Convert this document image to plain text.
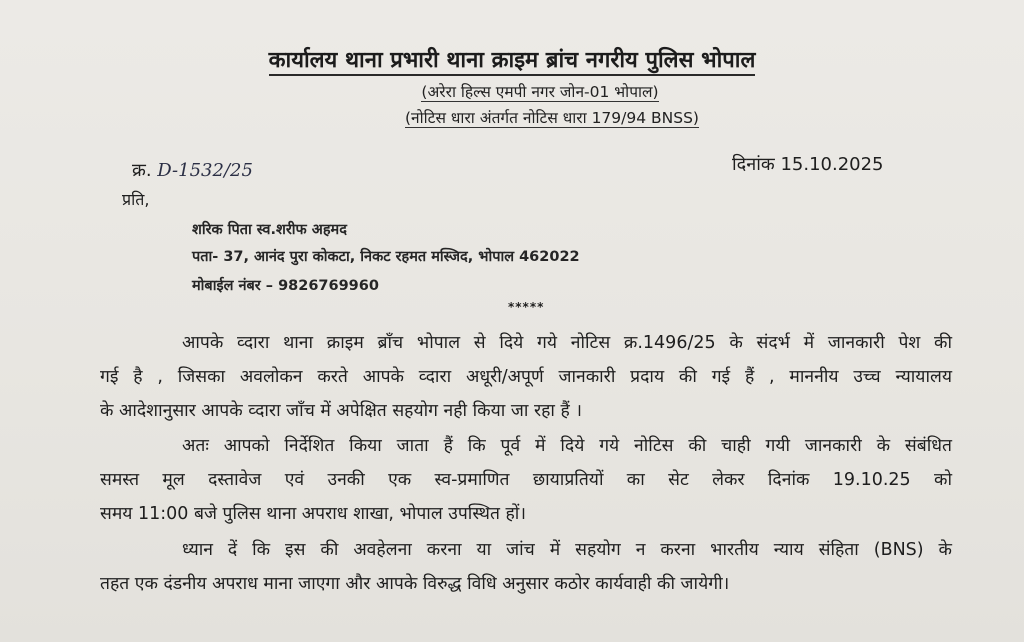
कार्यालय थाना प्रभारी थाना क्राइम ब्रांच नगरीय पुलिस भोपाल
(अरेरा हिल्स एमपी नगर जोन-01 भोपाल)
(नोटिस धारा अंतर्गत नोटिस धारा 179/94 BNSS)
क्र. D-1532/25	दिनांक 15.10.2025
प्रति,
शरिक पिता स्व.शरीफ अहमद
पता- 37, आनंद पुरा कोकटा, निकट रहमत मस्जिद, भोपाल 462022
मोबाईल नंबर – 9826769960
*****
आपके व्दारा थाना क्राइम ब्रॉंच भोपाल से दिये गये नोटिस क्र.1496/25 के संदर्भ में जानकारी पेश की
गई है , जिसका अवलोकन करते आपके व्दारा अधूरी/अपूर्ण जानकारी प्रदाय की गई हैं , माननीय उच्च न्यायालय
के आदेशानुसार आपके व्दारा जाँच में अपेक्षित सहयोग नही किया जा रहा हैं ।
अतः आपको निर्देशित किया जाता हैं कि पूर्व में दिये गये नोटिस की चाही गयी जानकारी के संबंधित
समस्त मूल दस्तावेज एवं उनकी एक स्व-प्रमाणित छायाप्रतियों का सेट लेकर दिनांक 19.10.25 को
समय 11:00 बजे पुलिस थाना अपराध शाखा, भोपाल उपस्थित हों।
ध्यान दें कि इस की अवहेलना करना या जांच में सहयोग न करना भारतीय न्याय संहिता (BNS) के
तहत एक दंडनीय अपराध माना जाएगा और आपके विरुद्ध विधि अनुसार कठोर कार्यवाही की जायेगी।
